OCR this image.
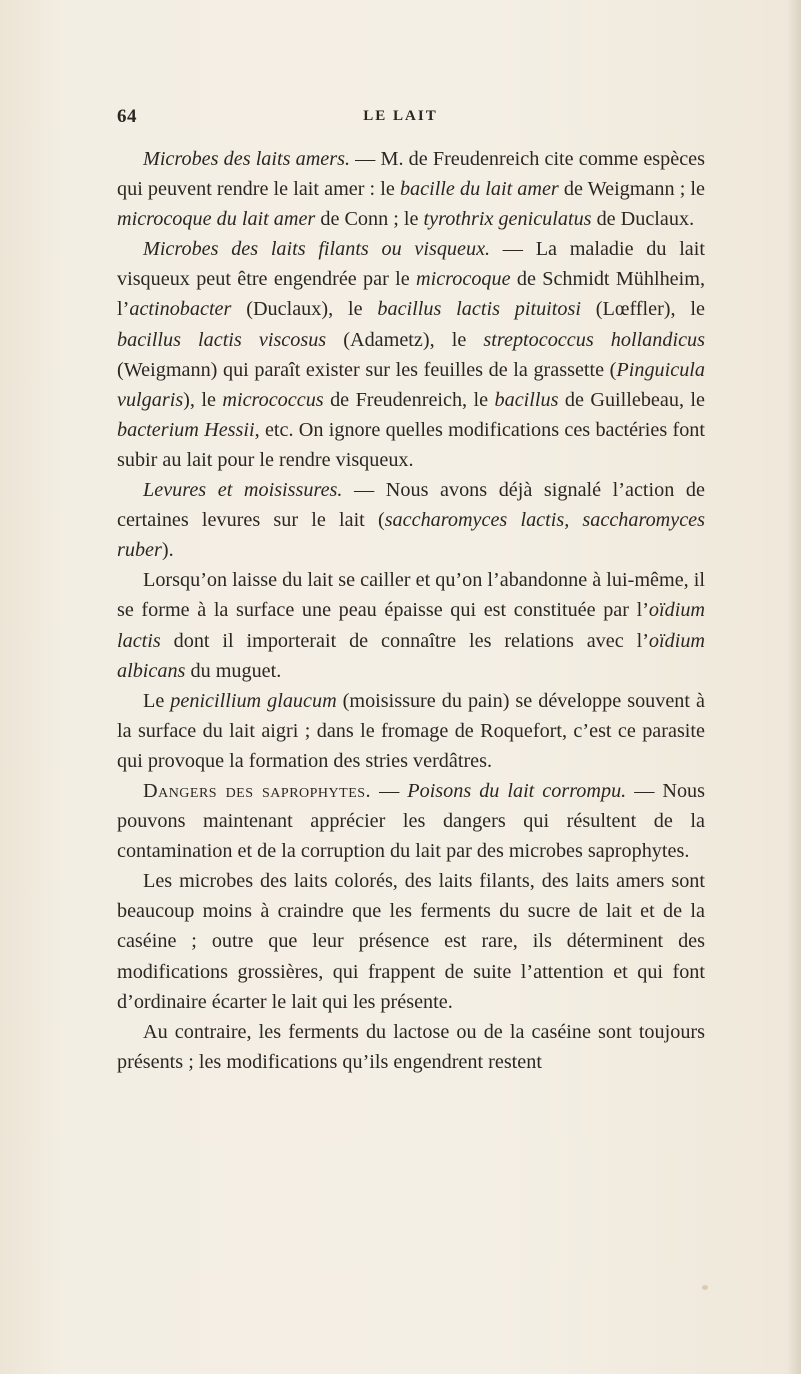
64	LE LAIT

Microbes des laits amers. — M. de Freudenreich cite comme espèces qui peuvent rendre le lait amer : le bacille du lait amer de Weigmann ; le microcoque du lait amer de Conn ; le tyrothrix geniculatus de Duclaux.

Microbes des laits filants ou visqueux. — La maladie du lait visqueux peut être engendrée par le microcoque de Schmidt Mühlheim, l’actinobacter (Duclaux), le bacillus lactis pituitosi (Lœffler), le bacillus lactis viscosus (Adametz), le streptococcus hollandicus (Weigmann) qui paraît exister sur les feuilles de la grassette (Pinguicula vulgaris), le micrococcus de Freudenreich, le bacillus de Guillebeau, le bacterium Hessii, etc. On ignore quelles modifications ces bactéries font subir au lait pour le rendre visqueux.

Levures et moisissures. — Nous avons déjà signalé l’action de certaines levures sur le lait (saccharomyces lactis, saccharomyces ruber).

Lorsqu’on laisse du lait se cailler et qu’on l’abandonne à lui-même, il se forme à la surface une peau épaisse qui est constituée par l’oïdium lactis dont il importerait de connaître les relations avec l’oïdium albicans du muguet.

Le penicillium glaucum (moisissure du pain) se développe souvent à la surface du lait aigri ; dans le fromage de Roquefort, c’est ce parasite qui provoque la formation des stries verdâtres.

Dangers des saprophytes. — Poisons du lait corrompu. — Nous pouvons maintenant apprécier les dangers qui résultent de la contamination et de la corruption du lait par des microbes saprophytes.

Les microbes des laits colorés, des laits filants, des laits amers sont beaucoup moins à craindre que les ferments du sucre de lait et de la caséine ; outre que leur présence est rare, ils déterminent des modifications grossières, qui frappent de suite l’attention et qui font d’ordinaire écarter le lait qui les présente.

Au contraire, les ferments du lactose ou de la caséine sont toujours présents ; les modifications qu’ils engendrent restent
